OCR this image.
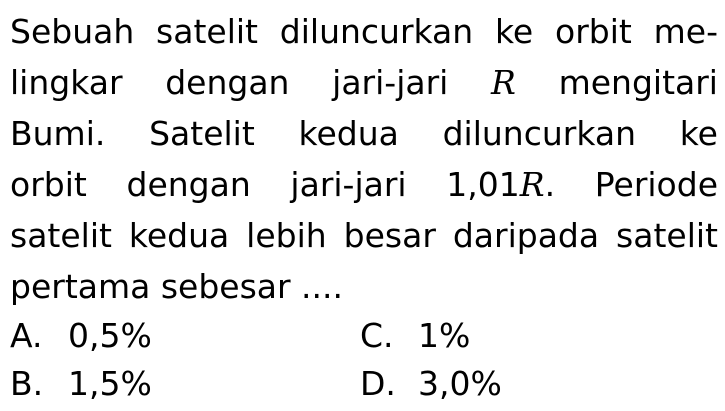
Sebuah satelit diluncurkan ke orbit me-
lingkar dengan jari-jari R mengitari
Bumi. Satelit kedua diluncurkan ke
orbit dengan jari-jari 1,01R. Periode
satelit kedua lebih besar daripada satelit
pertama sebesar ....
A. 0,5%	C. 1%
B. 1,5%	D. 3,0%
